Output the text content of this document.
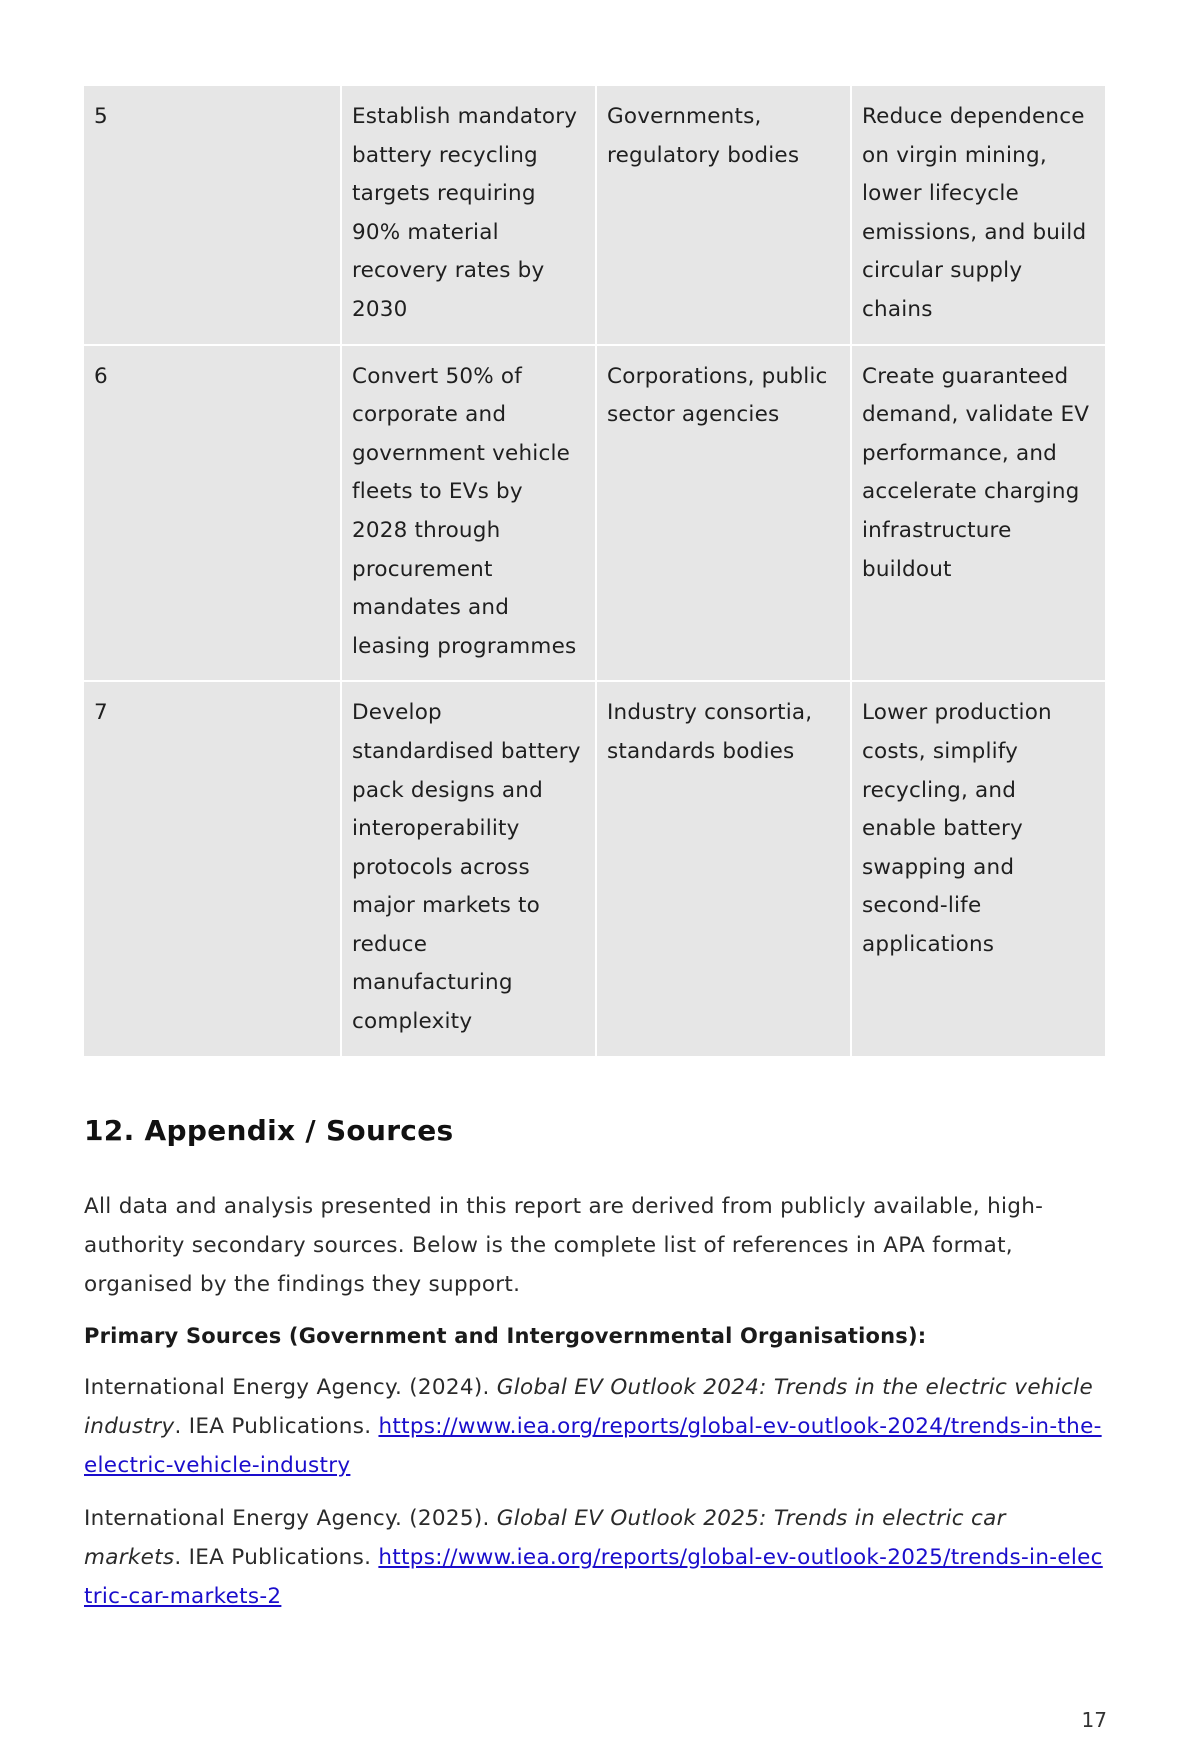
5	Establish mandatory battery recycling targets requiring 90% material recovery rates by 2030	Governments, regulatory bodies	Reduce dependence on virgin mining, lower lifecycle emissions, and build circular supply chains
6	Convert 50% of corporate and government vehicle fleets to EVs by 2028 through procurement mandates and leasing programmes	Corporations, public sector agencies	Create guaranteed demand, validate EV performance, and accelerate charging infrastructure buildout
7	Develop standardised battery pack designs and interoperability protocols across major markets to reduce manufacturing complexity	Industry consortia, standards bodies	Lower production costs, simplify recycling, and enable battery swapping and second-life applications
12. Appendix / Sources

All data and analysis presented in this report are derived from publicly available, high-authority secondary sources. Below is the complete list of references in APA format, organised by the findings they support.

Primary Sources (Government and Intergovernmental Organisations):

International Energy Agency. (2024). Global EV Outlook 2024: Trends in the electric vehicle industry. IEA Publications. https://www.iea.org/reports/global-ev-outlook-2024/trends-in-the-electric-vehicle-industry

International Energy Agency. (2025). Global EV Outlook 2025: Trends in electric car markets. IEA Publications. https://www.iea.org/reports/global-ev-outlook-2025/trends-in-electric-car-markets-2

17
